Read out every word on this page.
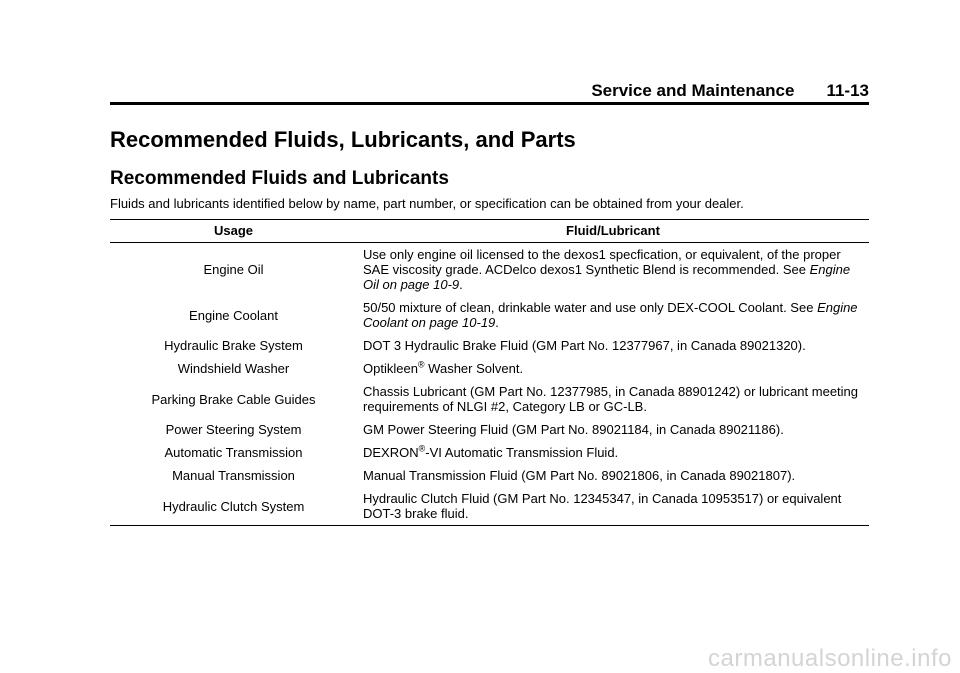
Service and Maintenance 11-13
Recommended Fluids, Lubricants, and Parts
Recommended Fluids and Lubricants

Fluids and lubricants identified below by name, part number, or specification can be obtained from your dealer.

Usage	Fluid/Lubricant
Engine Oil	Use only engine oil licensed to the dexos1 specfication, or equivalent, of the proper SAE viscosity grade. ACDelco dexos1 Synthetic Blend is recommended. See Engine Oil on page 10-9.
Engine Coolant	50/50 mixture of clean, drinkable water and use only DEX-COOL Coolant. See Engine Coolant on page 10-19.
Hydraulic Brake System	DOT 3 Hydraulic Brake Fluid (GM Part No. 12377967, in Canada 89021320).
Windshield Washer	Optikleen® Washer Solvent.
Parking Brake Cable Guides	Chassis Lubricant (GM Part No. 12377985, in Canada 88901242) or lubricant meeting requirements of NLGI #2, Category LB or GC-LB.
Power Steering System	GM Power Steering Fluid (GM Part No. 89021184, in Canada 89021186).
Automatic Transmission	DEXRON®-VI Automatic Transmission Fluid.
Manual Transmission	Manual Transmission Fluid (GM Part No. 89021806, in Canada 89021807).
Hydraulic Clutch System	Hydraulic Clutch Fluid (GM Part No. 12345347, in Canada 10953517) or equivalent DOT-3 brake fluid.
carmanualsonline.info
